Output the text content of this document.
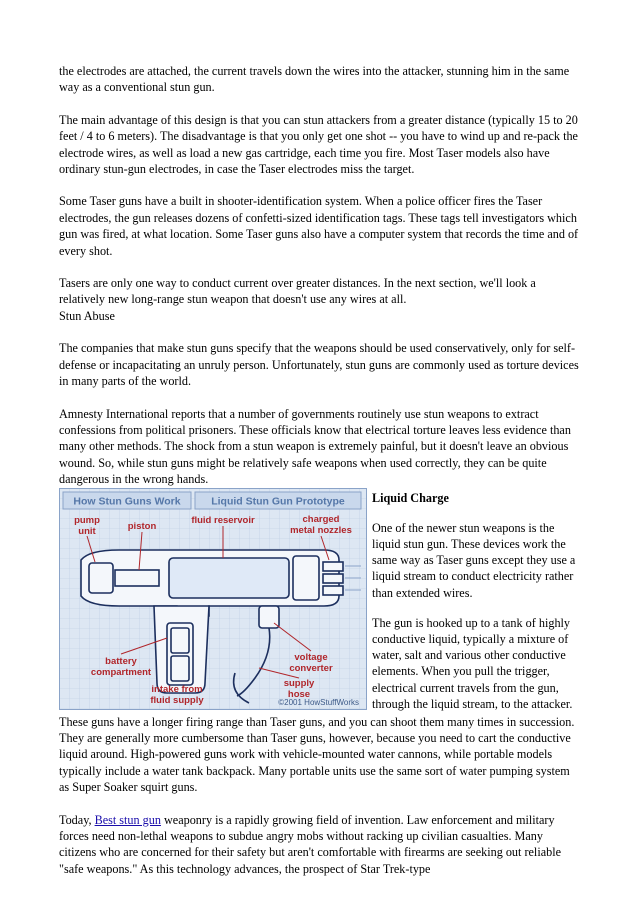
the electrodes are attached, the current travels down the wires into the attacker, stunning him in the same way as a conventional stun gun.

The main advantage of this design is that you can stun attackers from a greater distance (typically 15 to 20 feet / 4 to 6 meters). The disadvantage is that you only get one shot -- you have to wind up and re-pack the electrode wires, as well as load a new gas cartridge, each time you fire. Most Taser models also have ordinary stun-gun electrodes, in case the Taser electrodes miss the target.

Some Taser guns have a built in shooter-identification system. When a police officer fires the Taser electrodes, the gun releases dozens of confetti-sized identification tags. These tags tell investigators which gun was fired, at what location. Some Taser guns also have a computer system that records the time and of every shot.

Tasers are only one way to conduct current over greater distances. In the next section, we'll look a relatively new long-range stun weapon that doesn't use any wires at all.

Stun Abuse

The companies that make stun guns specify that the weapons should be used conservatively, only for self-defense or incapacitating an unruly person. Unfortunately, stun guns are commonly used as torture devices in many parts of the world.

Amnesty International reports that a number of governments routinely use stun weapons to extract confessions from political prisoners. These officials know that electrical torture leaves less evidence than many other methods. The shock from a stun weapon is extremely painful, but it doesn't leave an obvious wound. So, while stun guns might be relatively safe weapons when used correctly, they can be quite dangerous in the wrong hands.

How Stun Guns Work	Liquid Stun Gun Prototype
pump
unit	piston
fluid reservoir	charged
metal nozzles
battery
compartment
voltage
converter
supply
hose
intake from
fluid supply	©2001 HowStuffWorks
Liquid Charge

One of the newer stun weapons is the liquid stun gun. These devices work the same way as Taser guns except they use a liquid stream to conduct electricity rather than extended wires.

The gun is hooked up to a tank of highly conductive liquid, typically a mixture of water, salt and various other conductive elements. When you pull the trigger, electrical current travels from the gun, through the liquid stream, to the attacker.

These guns have a longer firing range than Taser guns, and you can shoot them many times in succession. They are generally more cumbersome than Taser guns, however, because you need to cart the conductive liquid around. High-powered guns work with vehicle-mounted water cannons, while portable models typically include a water tank backpack. Many portable units use the same sort of water pumping system as Super Soaker squirt guns.

Today, Best stun gun weaponry is a rapidly growing field of invention. Law enforcement and military forces need non-lethal weapons to subdue angry mobs without racking up civilian casualties. Many citizens who are concerned for their safety but aren't comfortable with firearms are seeking out reliable "safe weapons." As this technology advances, the prospect of Star Trek-type
